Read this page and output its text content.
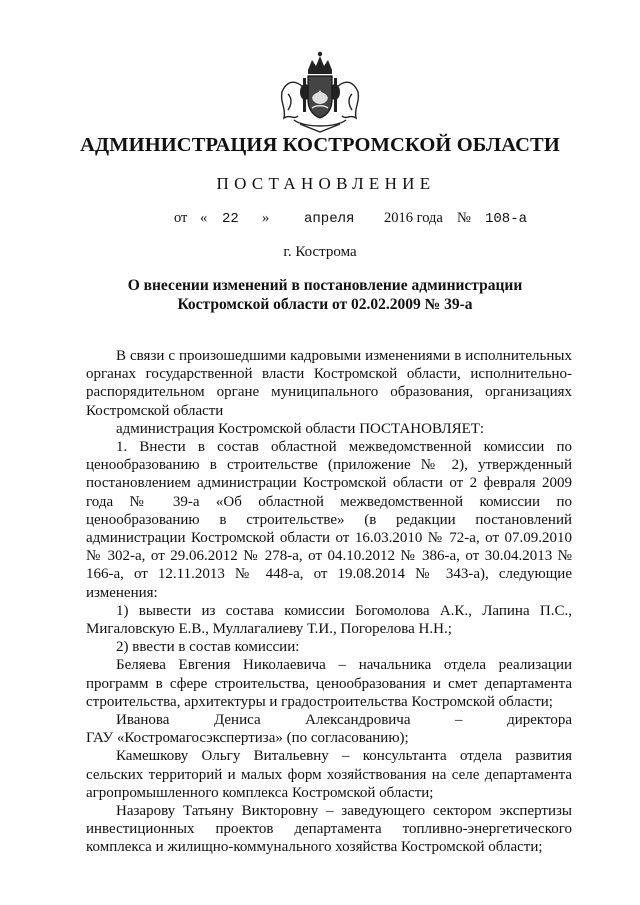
АДМИНИСТРАЦИЯ КОСТРОМСКОЙ ОБЛАСТИ
ПОСТАНОВЛЕНИЕ
от « 22 » апреля 2016 года № 108-а
г. Кострома
О внесении изменений в постановление администрации
Костромской области от 02.02.2009 № 39-а

В связи с произошедшими кадровыми изменениями в исполнительных органах государственной власти Костромской области, исполнительно-распорядительном органе муниципального образования, организациях Костромской области

администрация Костромской области ПОСТАНОВЛЯЕТ:

1. Внести в состав областной межведомственной комиссии по ценообразованию в строительстве (приложение № 2), утвержденный постановлением администрации Костромской области от 2 февраля 2009 года № 39-а «Об областной межведомственной комиссии по ценообразованию в строительстве» (в редакции постановлений администрации Костромской области от 16.03.2010 № 72-а, от 07.09.2010 № 302-а, от 29.06.2012 № 278-а, от 04.10.2012 № 386-а, от 30.04.2013 № 166-а, от 12.11.2013 № 448-а, от 19.08.2014 № 343-а), следующие изменения:

1) вывести из состава комиссии Богомолова А.К., Лапина П.С., Мигаловскую Е.В., Муллагалиеву Т.И., Погорелова Н.Н.;

2) ввести в состав комиссии:

Беляева Евгения Николаевича – начальника отдела реализации программ в сфере строительства, ценообразования и смет департамента строительства, архитектуры и градостроительства Костромской области;

Иванова Дениса Александровича – директора
ГАУ «Костромагосэкспертиза» (по согласованию);

Камешкову Ольгу Витальевну – консультанта отдела развития сельских территорий и малых форм хозяйствования на селе департамента агропромышленного комплекса Костромской области;

Назарову Татьяну Викторовну – заведующего сектором экспертизы инвестиционных проектов департамента топливно-энергетического комплекса и жилищно-коммунального хозяйства Костромской области;
